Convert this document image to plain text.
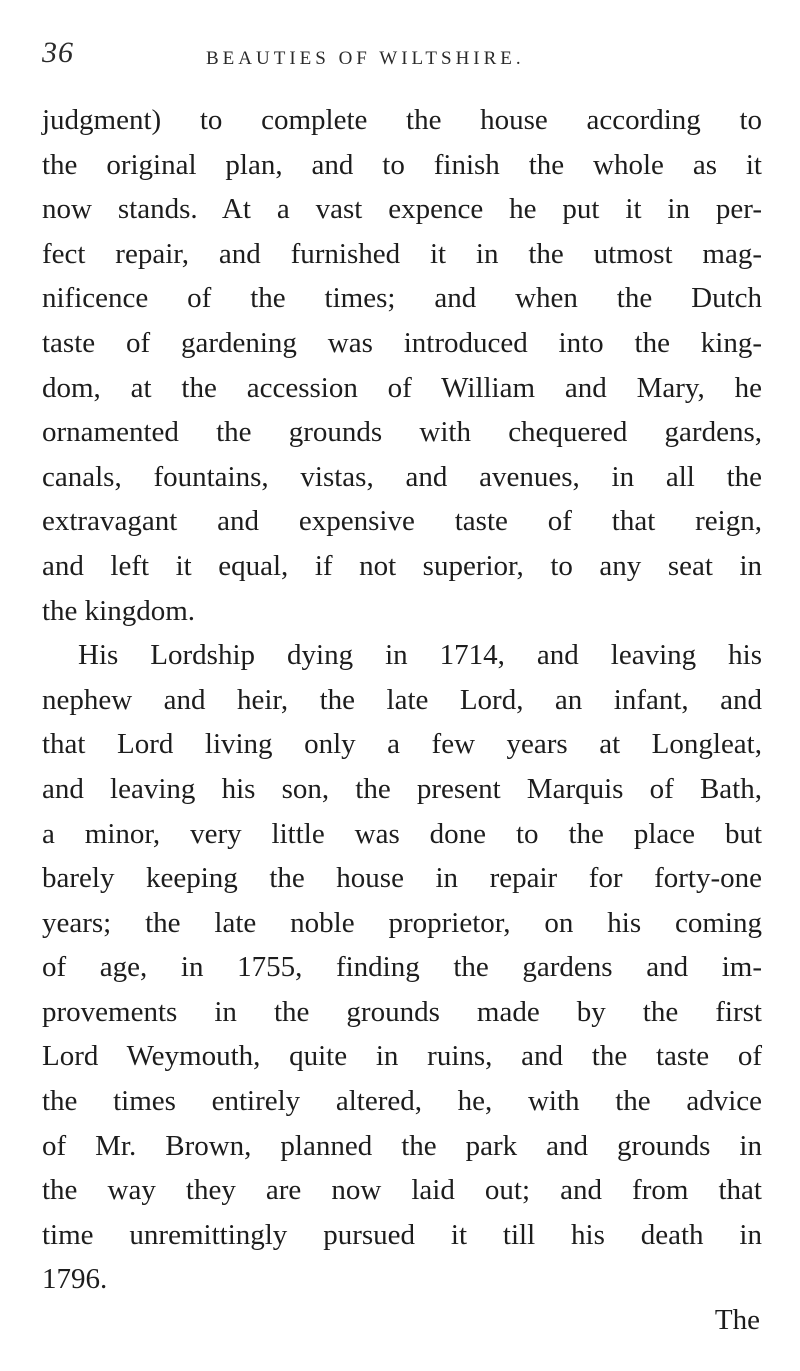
36	BEAUTIES OF WILTSHIRE.
judgment) to complete the house according to
the original plan, and to finish the whole as it
now stands. At a vast expence he put it in per-
fect repair, and furnished it in the utmost mag-
nificence of the times; and when the Dutch
taste of gardening was introduced into the king-
dom, at the accession of William and Mary, he
ornamented the grounds with chequered gardens,
canals, fountains, vistas, and avenues, in all the
extravagant and expensive taste of that reign,
and left it equal, if not superior, to any seat in
the kingdom.
His Lordship dying in 1714, and leaving his
nephew and heir, the late Lord, an infant, and
that Lord living only a few years at Longleat,
and leaving his son, the present Marquis of Bath,
a minor, very little was done to the place but
barely keeping the house in repair for forty-one
years; the late noble proprietor, on his coming
of age, in 1755, finding the gardens and im-
provements in the grounds made by the first
Lord Weymouth, quite in ruins, and the taste of
the times entirely altered, he, with the advice
of Mr. Brown, planned the park and grounds in
the way they are now laid out; and from that
time unremittingly pursued it till his death in
1796.
The
